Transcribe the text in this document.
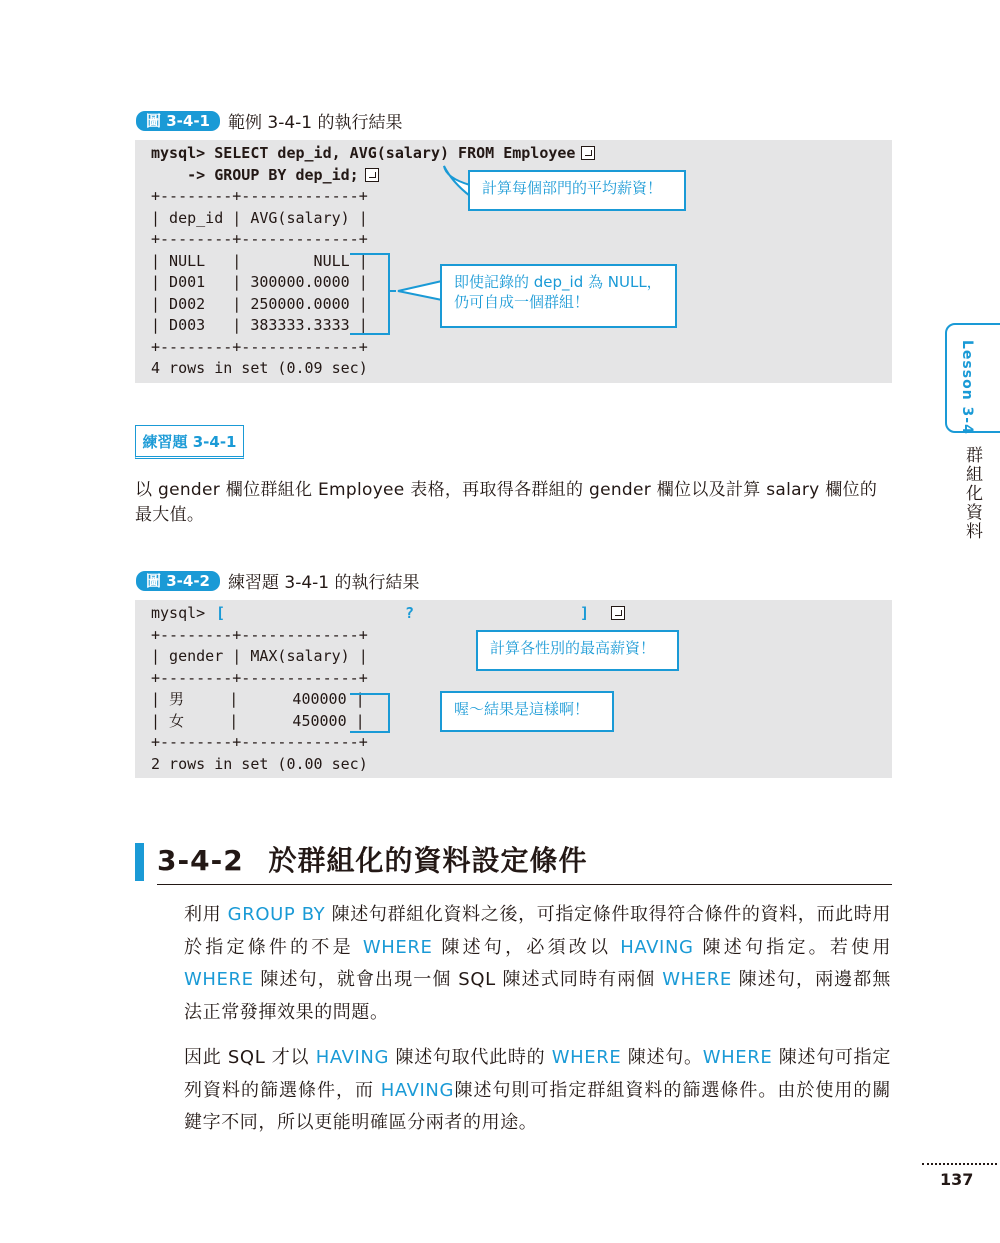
圖 3-4-1	範例 3-4-1 的執行結果
mysql> SELECT dep_id, AVG(salary) FROM Employee
-> GROUP BY dep_id;
+--------+-------------+
| dep_id | AVG(salary) |
+--------+-------------+
| NULL   |        NULL |
| D001   | 300000.0000 |
| D002   | 250000.0000 |
| D003   | 383333.3333 |
+--------+-------------+
4 rows in set (0.09 sec)
計算每個部門的平均薪資！
即使記錄的 dep_id 為 NULL，
仍可自成一個群組！
練習題 3-4-1
以 gender 欄位群組化 Employee 表格，再取得各群組的 gender 欄位以及計算 salary 欄位的最大值。
圖 3-4-2	練習題 3-4-1 的執行結果
mysql> [	?	]
+--------+-------------+
| gender | MAX(salary) |
+--------+-------------+
| 男     |      400000 |
| 女     |      450000 |
+--------+-------------+
2 rows in set (0.00 sec)
計算各性別的最高薪資！
喔～結果是這樣啊！
3-4-2 於群組化的資料設定條件
利用 GROUP BY 陳述句群組化資料之後，可指定條件取得符合條件的資料，而此時用於指定條件的不是 WHERE 陳述句，必須改以 HAVING 陳述句指定。若使用 WHERE 陳述句，就會出現一個 SQL 陳述式同時有兩個 WHERE 陳述句，兩邊都無法正常發揮效果的問題。
因此 SQL 才以 HAVING 陳述句取代此時的 WHERE 陳述句。WHERE 陳述句可指定列資料的篩選條件，而 HAVING陳述句則可指定群組資料的篩選條件。由於使用的關鍵字不同，所以更能明確區分兩者的用途。
Lesson 3-4
群組化資料
137
